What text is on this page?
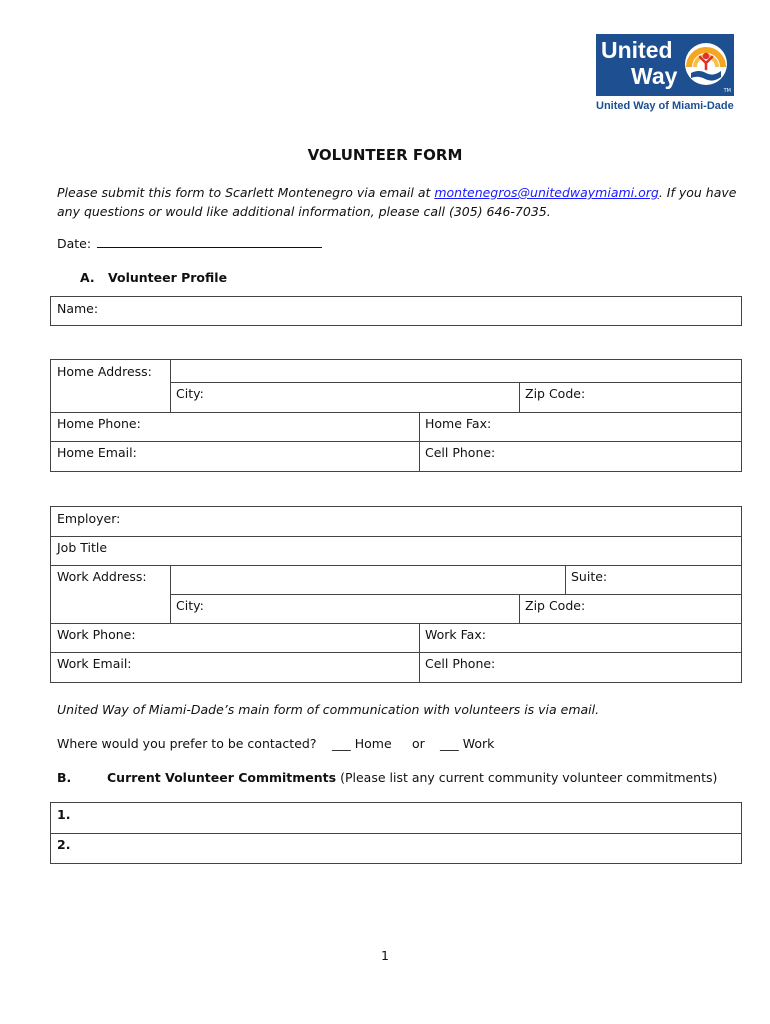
United
Way
TM
United Way of Miami-Dade
VOLUNTEER FORM
Please submit this form to Scarlett Montenegro via email at montenegros@unitedwaymiami.org. If you have any questions or would like additional information, please call (305) 646-7035.
Date:
A. Volunteer Profile
Name:
Home Address:
City:	Zip Code:
Home Phone:	Home Fax:
Home Email:	Cell Phone:
Employer:
Job Title
Work Address:	Suite:
City:	Zip Code:
Work Phone:	Work Fax:
Work Email:	Cell Phone:
United Way of Miami-Dade’s main form of communication with volunteers is via email.
Where would you prefer to be contacted? ___ Home or ___ Work
B.	Current Volunteer Commitments (Please list any current community volunteer commitments)
1.
2.
1
